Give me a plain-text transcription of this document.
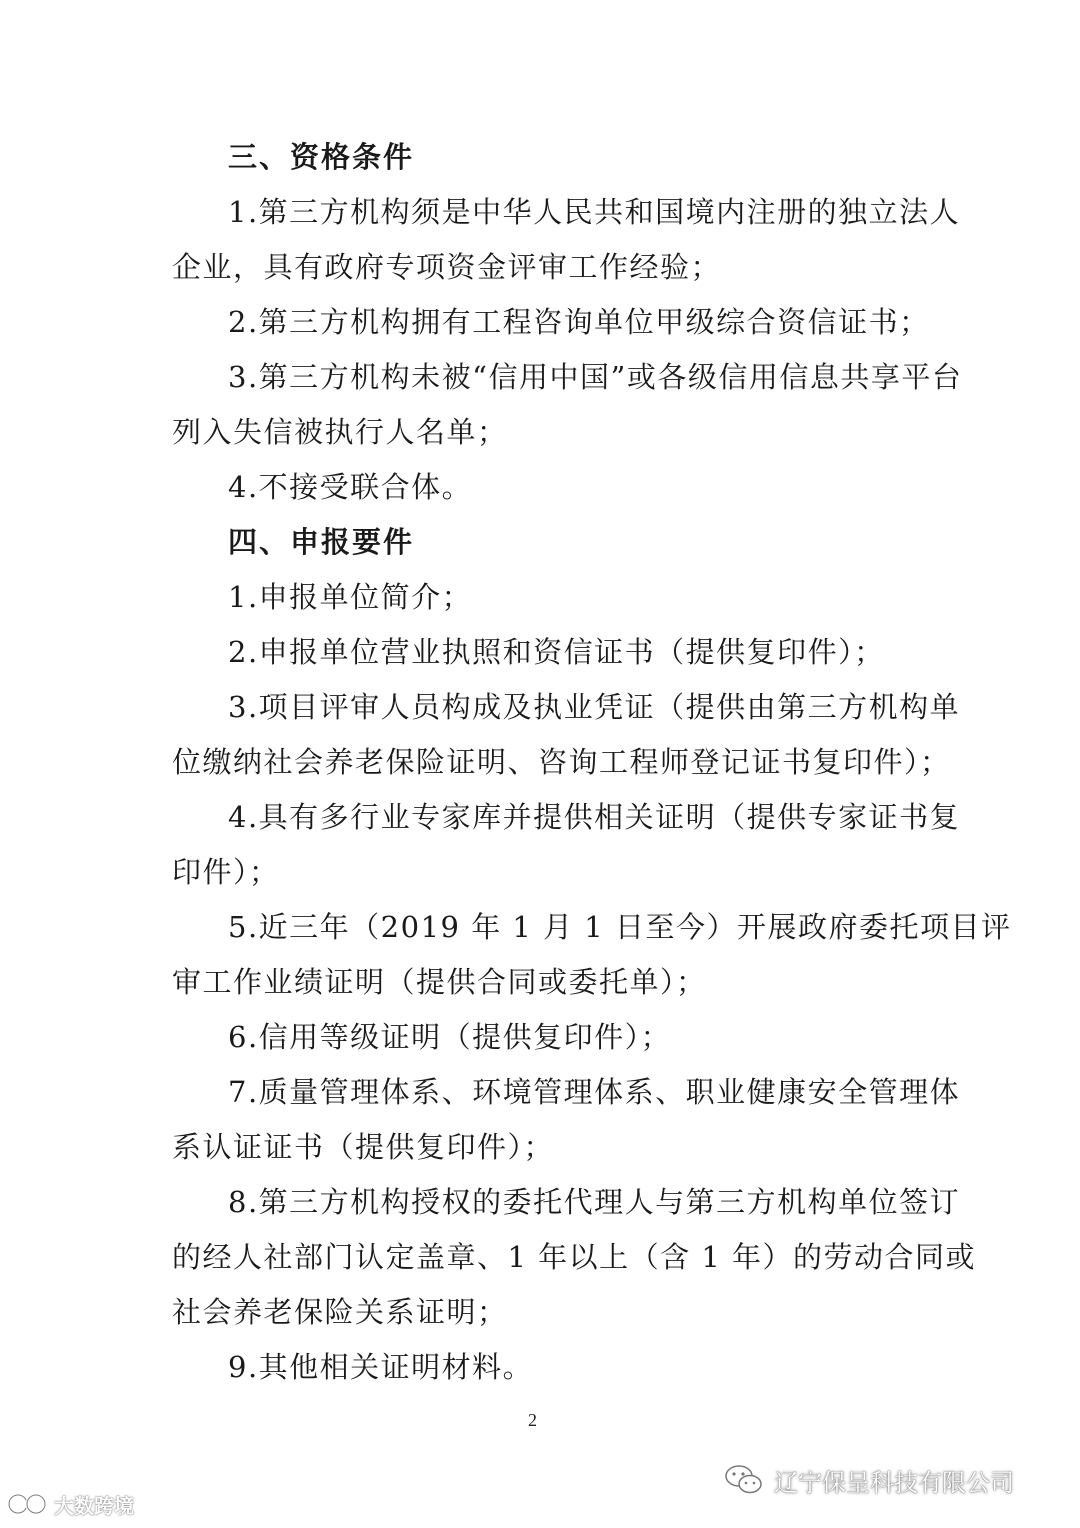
三、资格条件
1.第三方机构须是中华人民共和国境内注册的独立法人
企业，具有政府专项资金评审工作经验；
2.第三方机构拥有工程咨询单位甲级综合资信证书；
3.第三方机构未被“信用中国”或各级信用信息共享平台
列入失信被执行人名单；
4.不接受联合体。
四、申报要件
1.申报单位简介；
2.申报单位营业执照和资信证书（提供复印件）；
3.项目评审人员构成及执业凭证（提供由第三方机构单
位缴纳社会养老保险证明、咨询工程师登记证书复印件）；
4.具有多行业专家库并提供相关证明（提供专家证书复
印件）；
5.近三年（2019 年 1 月 1 日至今）开展政府委托项目评
审工作业绩证明（提供合同或委托单）；
6.信用等级证明（提供复印件）；
7.质量管理体系、环境管理体系、职业健康安全管理体
系认证证书（提供复印件）；
8.第三方机构授权的委托代理人与第三方机构单位签订
的经人社部门认定盖章、1 年以上（含 1 年）的劳动合同或
社会养老保险关系证明；
9.其他相关证明材料。
2
大数跨境
辽宁保呈科技有限公司
